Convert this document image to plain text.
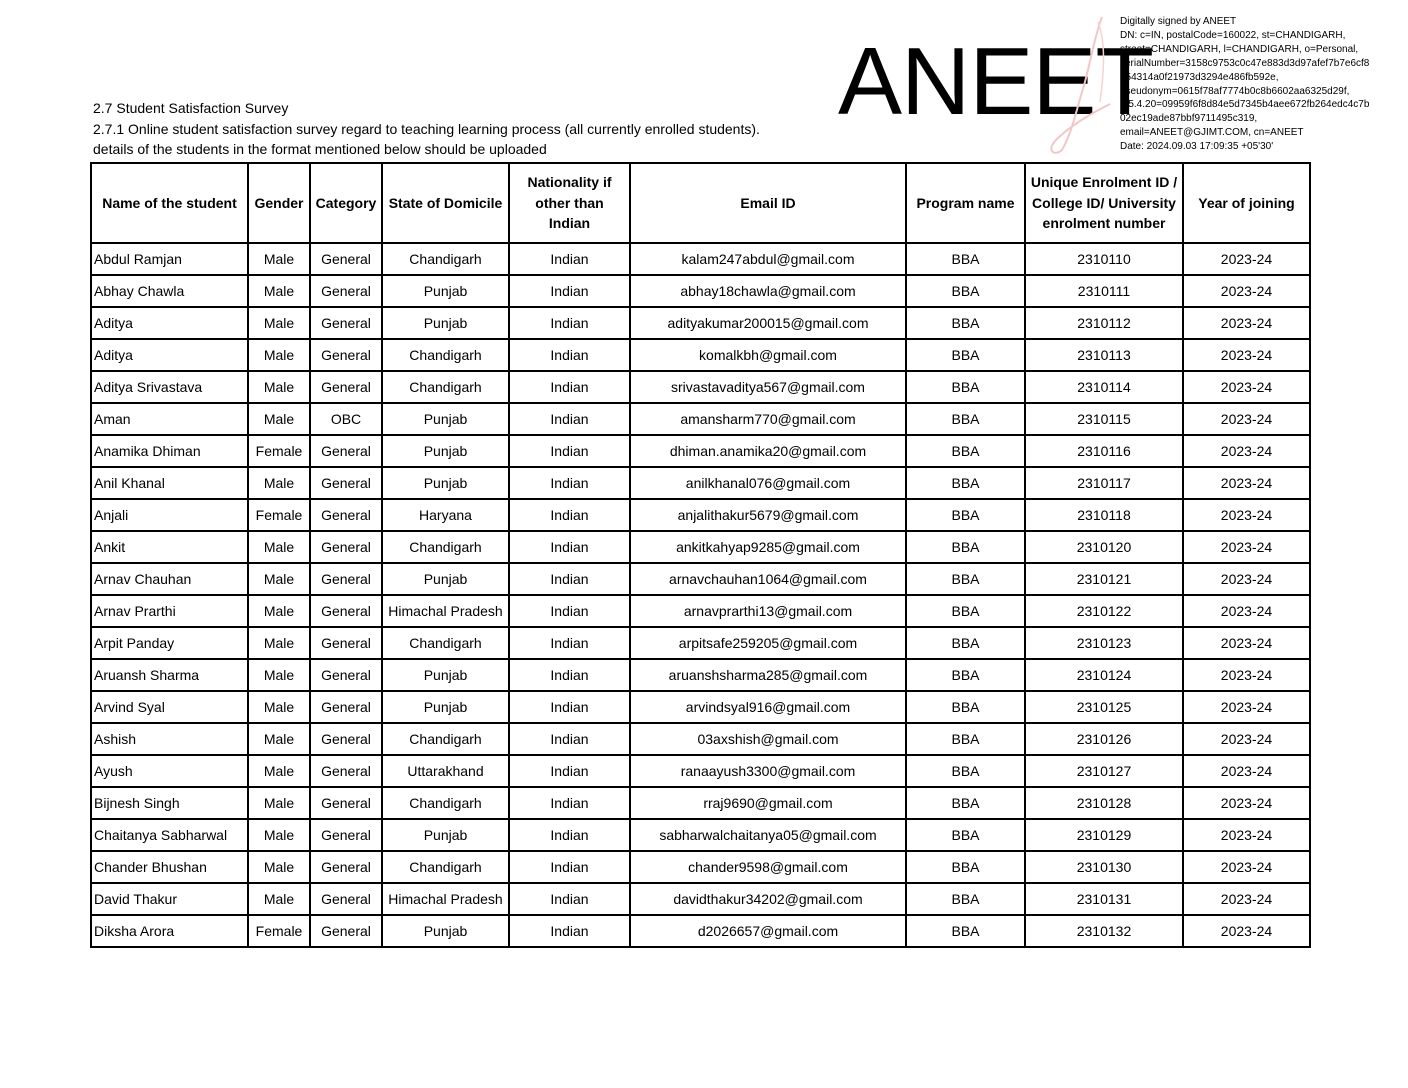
2.7 Student Satisfaction Survey
2.7.1 Online student satisfaction survey regard to teaching learning process (all currently enrolled students).
details of the students in the format mentioned below should be uploaded
ANEET
Digitally signed by ANEET
DN: c=IN, postalCode=160022, st=CHANDIGARH,
street=CHANDIGARH, l=CHANDIGARH, o=Personal,
serialNumber=3158c9753c0c47e883d3d97afef7b7e6cf8
d54314a0f21973d3294e486fb592e,
pseudonym=0615f78af7774b0c8b6602aa6325d29f,
2.5.4.20=09959f6f8d84e5d7345b4aee672fb264edc4c7b
02ec19ade87bbf9711495c319,
email=ANEET@GJIMT.COM, cn=ANEET
Date: 2024.09.03 17:09:35 +05'30'
Name of the student	Gender	Category	State of Domicile	Nationality if other than Indian	Email ID	Program name	Unique Enrolment ID / College ID/ University enrolment number	Year of joining
Abdul Ramjan	Male	General	Chandigarh	Indian	kalam247abdul@gmail.com	BBA	2310110	2023-24
Abhay Chawla	Male	General	Punjab	Indian	abhay18chawla@gmail.com	BBA	2310111	2023-24
Aditya	Male	General	Punjab	Indian	adityakumar200015@gmail.com	BBA	2310112	2023-24
Aditya	Male	General	Chandigarh	Indian	komalkbh@gmail.com	BBA	2310113	2023-24
Aditya Srivastava	Male	General	Chandigarh	Indian	srivastavaditya567@gmail.com	BBA	2310114	2023-24
Aman	Male	OBC	Punjab	Indian	amansharm770@gmail.com	BBA	2310115	2023-24
Anamika Dhiman	Female	General	Punjab	Indian	dhiman.anamika20@gmail.com	BBA	2310116	2023-24
Anil Khanal	Male	General	Punjab	Indian	anilkhanal076@gmail.com	BBA	2310117	2023-24
Anjali	Female	General	Haryana	Indian	anjalithakur5679@gmail.com	BBA	2310118	2023-24
Ankit	Male	General	Chandigarh	Indian	ankitkahyap9285@gmail.com	BBA	2310120	2023-24
Arnav Chauhan	Male	General	Punjab	Indian	arnavchauhan1064@gmail.com	BBA	2310121	2023-24
Arnav Prarthi	Male	General	Himachal Pradesh	Indian	arnavprarthi13@gmail.com	BBA	2310122	2023-24
Arpit Panday	Male	General	Chandigarh	Indian	arpitsafe259205@gmail.com	BBA	2310123	2023-24
Aruansh Sharma	Male	General	Punjab	Indian	aruanshsharma285@gmail.com	BBA	2310124	2023-24
Arvind Syal	Male	General	Punjab	Indian	arvindsyal916@gmail.com	BBA	2310125	2023-24
Ashish	Male	General	Chandigarh	Indian	03axshish@gmail.com	BBA	2310126	2023-24
Ayush	Male	General	Uttarakhand	Indian	ranaayush3300@gmail.com	BBA	2310127	2023-24
Bijnesh Singh	Male	General	Chandigarh	Indian	rraj9690@gmail.com	BBA	2310128	2023-24
Chaitanya Sabharwal	Male	General	Punjab	Indian	sabharwalchaitanya05@gmail.com	BBA	2310129	2023-24
Chander Bhushan	Male	General	Chandigarh	Indian	chander9598@gmail.com	BBA	2310130	2023-24
David Thakur	Male	General	Himachal Pradesh	Indian	davidthakur34202@gmail.com	BBA	2310131	2023-24
Diksha Arora	Female	General	Punjab	Indian	d2026657@gmail.com	BBA	2310132	2023-24
